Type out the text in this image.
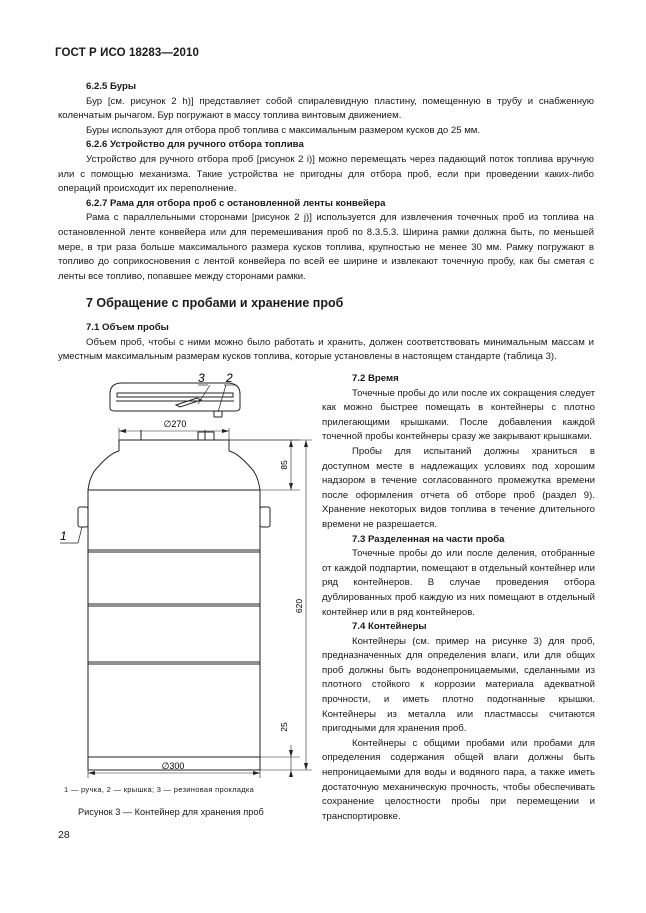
ГОСТ Р ИСО 18283—2010

6.2.5 Буры

Бур [см. рисунок 2 h)] представляет собой спиралевидную пластину, помещенную в трубу и снабженную коленчатым рычагом. Бур погружают в массу топлива винтовым движением.

Буры используют для отбора проб топлива с максимальным размером кусков до 25 мм.

6.2.6 Устройство для ручного отбора топлива

Устройство для ручного отбора проб [рисунок 2 i)] можно перемещать через падающий поток топлива вручную или с помощью механизма. Такие устройства не пригодны для отбора проб, если при проведении каких-либо операций происходит их переполнение.

6.2.7 Рама для отбора проб с остановленной ленты конвейера

Рама с параллельными сторонами [рисунок 2 j)] используется для извлечения точечных проб из топлива на остановленной ленте конвейера или для перемешивания проб по 8.3.5.3. Ширина рамки должна быть, по меньшей мере, в три раза больше максимального размера кусков топлива, крупностью не менее 30 мм. Рамку погружают в топливо до соприкосновения с лентой конвейера по всей ее ширине и извлекают точечную пробу, как бы сметая с ленты все топливо, попавшее между сторонами рамки.

7 Обращение с пробами и хранение проб

7.1 Объем пробы

Объем проб, чтобы с ними можно было работать и хранить, должен соответствовать минимальным массам и уместным максимальным размерам кусков топлива, которые установлены в настоящем стандарте (таблица 3).

7.2 Время

Точечные пробы до или после их сокращения следует как можно быстрее помещать в контейнеры с плотно прилегающими крышками. После добавления каждой точечной пробы контейнеры сразу же закрывают крышками.

Пробы для испытаний должны храниться в доступном месте в надлежащих условиях под хорошим надзором в течение согласованного промежутка времени после оформления отчета об отборе проб (раздел 9). Хранение некоторых видов топлива в течение длительного времени не разрешается.

7.3 Разделенная на части проба

Точечные пробы до или после деления, отобранные от каждой подпартии, помещают в отдельный контейнер или ряд контейнеров. В случае проведения отбора дублированных проб каждую из них помещают в отдельный контейнер или в ряд контейнеров.

7.4 Контейнеры

Контейнеры (см. пример на рисунке 3) для проб, предназначенных для определения влаги, или для общих проб должны быть водонепроницаемыми, сделанными из плотного стойкого к коррозии материала адекватной прочности, и иметь плотно подогнанные крышки. Контейнеры из металла или пластмассы считаются пригодными для хранения проб.

Контейнеры с общими пробами или пробами для определения содержания общей влаги должны быть непроницаемыми для воды и водяного пара, а также иметь достаточную механическую прочность, чтобы обеспечивать сохранение целостности пробы при перемещении и транспортировке.

3 2
1
∅270
∅300
85
620
25
1 — ручка, 2 — крышка; 3 — резиновая прокладка
Рисунок 3 — Контейнер для хранения проб
28
